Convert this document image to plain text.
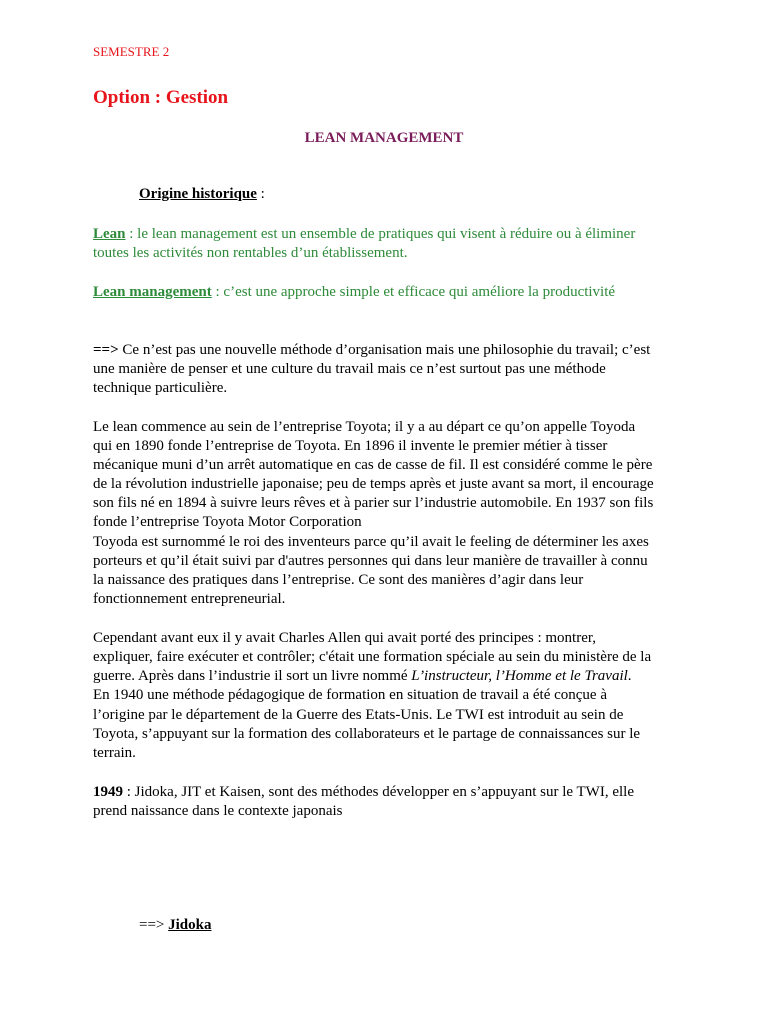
SEMESTRE 2
Option : Gestion
LEAN MANAGEMENT
Origine historique :
Lean : le lean management est un ensemble de pratiques qui visent à réduire ou à éliminer
toutes les activités non rentables d’un établissement.
Lean management : c’est une approche simple et efficace qui améliore la productivité
==> Ce n’est pas une nouvelle méthode d’organisation mais une philosophie du travail; c’est
une manière de penser et une culture du travail mais ce n’est surtout pas une méthode
technique particulière.
Le lean commence au sein de l’entreprise Toyota; il y a au départ ce qu’on appelle Toyoda
qui en 1890 fonde l’entreprise de Toyota. En 1896 il invente le premier métier à tisser
mécanique muni d’un arrêt automatique en cas de casse de fil. Il est considéré comme le père
de la révolution industrielle japonaise; peu de temps après et juste avant sa mort, il encourage
son fils né en 1894 à suivre leurs rêves et à parier sur l’industrie automobile. En 1937 son fils
fonde l’entreprise Toyota Motor Corporation
Toyoda est surnommé le roi des inventeurs parce qu’il avait le feeling de déterminer les axes
porteurs et qu’il était suivi par d'autres personnes qui dans leur manière de travailler à connu
la naissance des pratiques dans l’entreprise. Ce sont des manières d’agir dans leur
fonctionnement entrepreneurial.
Cependant avant eux il y avait Charles Allen qui avait porté des principes : montrer,
expliquer, faire exécuter et contrôler; c'était une formation spéciale au sein du ministère de la
guerre. Après dans l’industrie il sort un livre nommé L’instructeur, l’Homme et le Travail.
En 1940 une méthode pédagogique de formation en situation de travail a été conçue à
l’origine par le département de la Guerre des Etats-Unis. Le TWI est introduit au sein de
Toyota, s’appuyant sur la formation des collaborateurs et le partage de connaissances sur le
terrain.
1949 : Jidoka, JIT et Kaisen, sont des méthodes développer en s’appuyant sur le TWI, elle
prend naissance dans le contexte japonais
==> Jidoka
